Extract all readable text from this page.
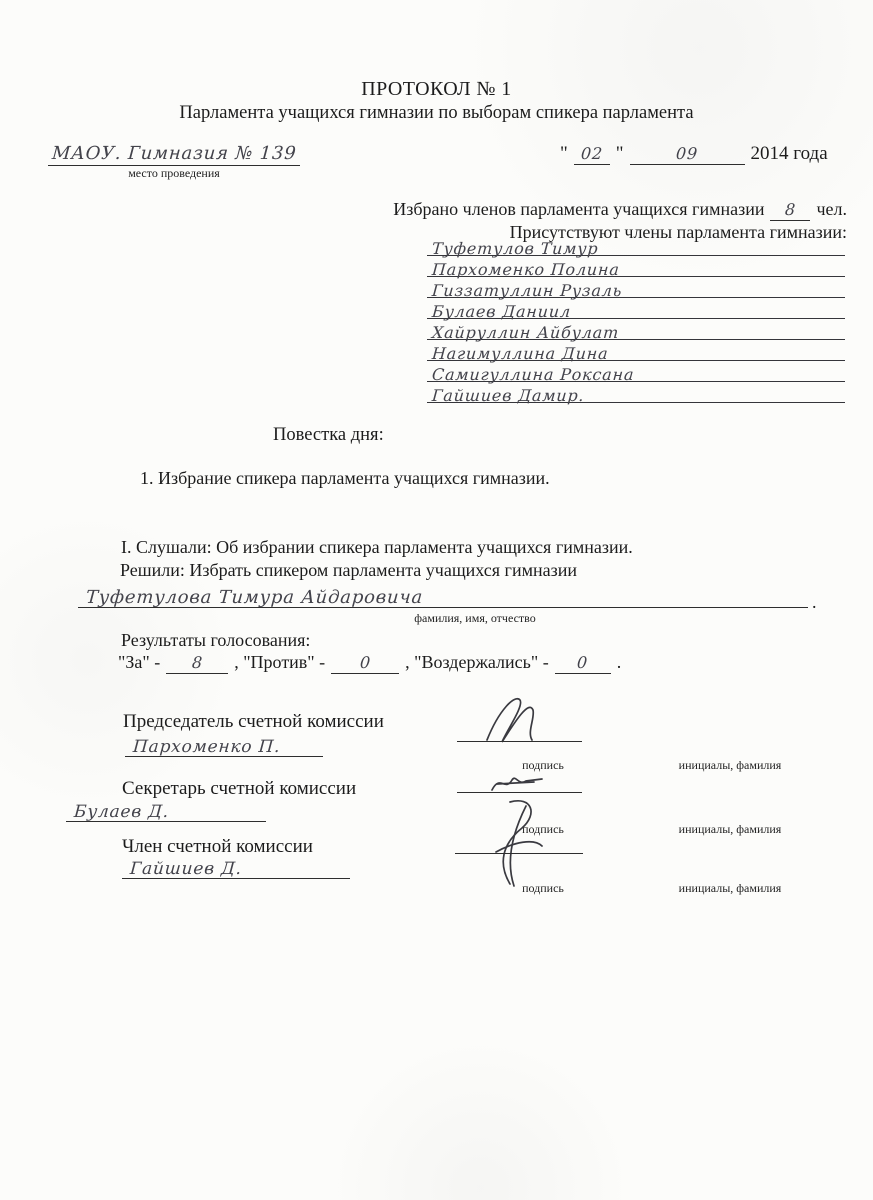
ПРОТОКОЛ № 1
Парламента учащихся гимназии по выборам спикера парламента
МАОУ. Гимназия № 139
место проведения
" 02 "	09	2014 года
Избрано членов парламента учащихся гимназии	8	чел.
Присутствуют члены парламента гимназии:
Туфетулов Тимур
Пархоменко Полина
Гиззатуллин Рузаль
Булаев Даниил
Хайруллин Айбулат
Нагимуллина Дина
Самигуллина Роксана
Гайшиев Дамир.
Повестка дня:
1. Избрание спикера парламента учащихся гимназии.
I. Слушали: Об избрании спикера парламента учащихся гимназии.
Решили: Избрать спикером парламента учащихся гимназии
Туфетулова Тимура Айдаровича	.
фамилия, имя, отчество
Результаты голосования:
"За" -	8	, "Против" -	0	, "Воздержались" -	0	.
Председатель счетной комиссии
Пархоменко П.
подпись	инициалы, фамилия
Секретарь счетной комиссии
Булаев Д.
подпись	инициалы, фамилия
Член счетной комиссии
Гайшиев Д.
подпись	инициалы, фамилия
